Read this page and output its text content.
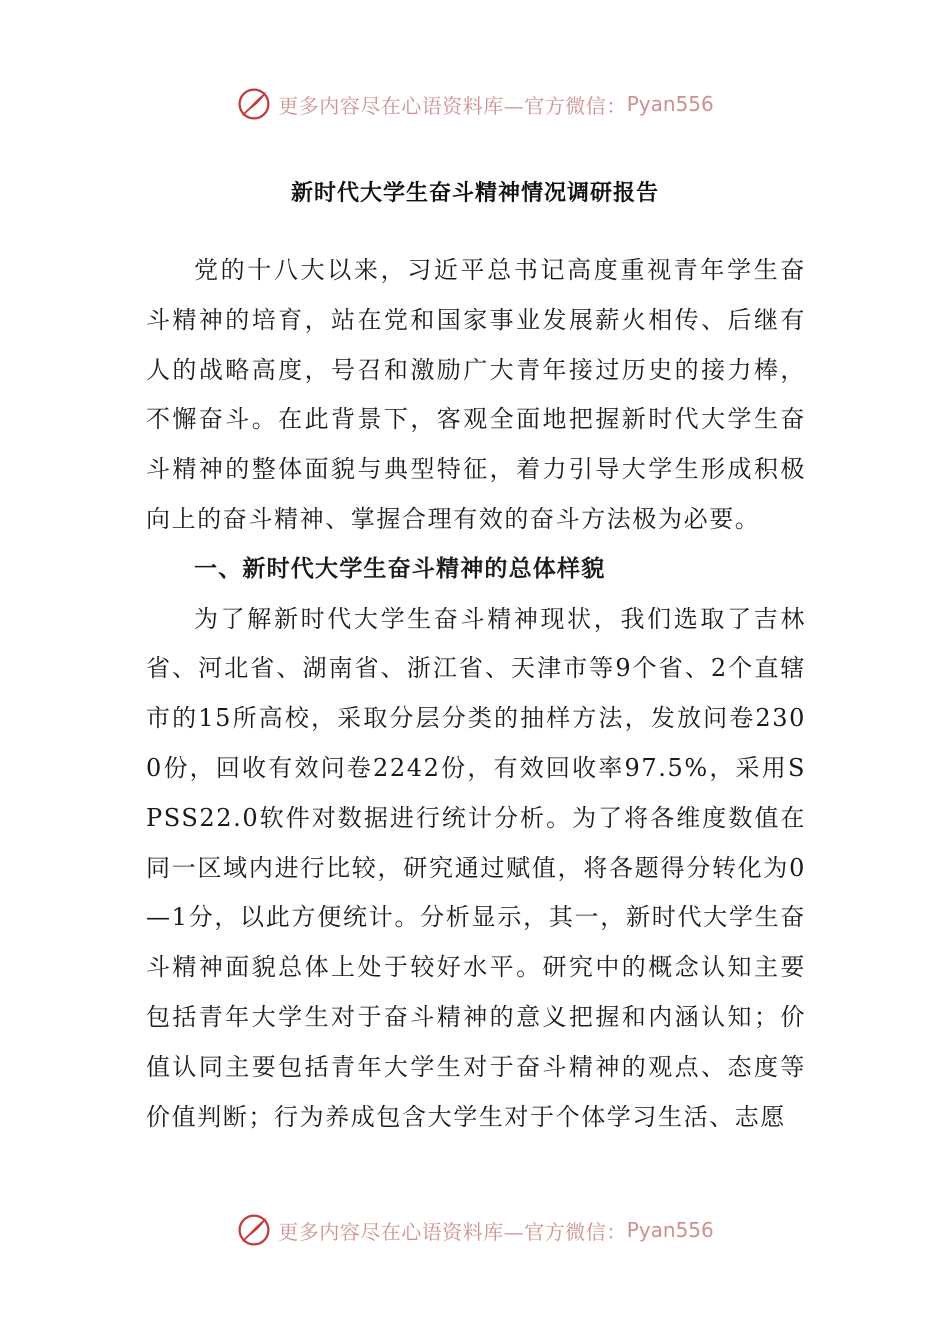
更多内容尽在心语资料库—官方微信： Pyan556
新时代大学生奋斗精神情况调研报告

党的十八大以来，习近平总书记高度重视青年学生奋斗精神的培育，站在党和国家事业发展薪火相传、后继有人的战略高度，号召和激励广大青年接过历史的接力棒，不懈奋斗。在此背景下，客观全面地把握新时代大学生奋斗精神的整体面貌与典型特征，着力引导大学生形成积极向上的奋斗精神、掌握合理有效的奋斗方法极为必要。

一、新时代大学生奋斗精神的总体样貌

为了解新时代大学生奋斗精神现状，我们选取了吉林省、河北省、湖南省、浙江省、天津市等9个省、2个直辖市的15所高校，采取分层分类的抽样方法，发放问卷2300份，回收有效问卷2242份，有效回收率97.5%，采用SPSS22.0软件对数据进行统计分析。为了将各维度数值在同一区域内进行比较，研究通过赋值，将各题得分转化为0—1分，以此方便统计。分析显示，其一，新时代大学生奋斗精神面貌总体上处于较好水平。研究中的概念认知主要包括青年大学生对于奋斗精神的意义把握和内涵认知；价值认同主要包括青年大学生对于奋斗精神的观点、态度等价值判断；行为养成包含大学生对于个体学习生活、志愿

更多内容尽在心语资料库—官方微信： Pyan556
